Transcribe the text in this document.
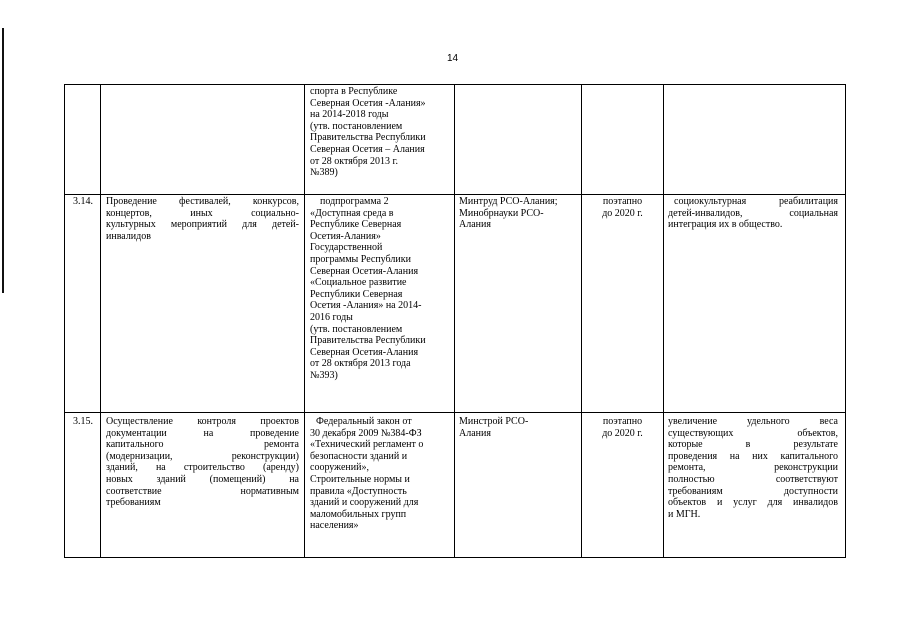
14
спорта в Республике
Северная Осетия -Алания»
на 2014-2018 годы
(утв. постановлением
Правительства Республики
Северная Осетия – Алания
от 28 октября 2013 г.
№389)
3.14. Проведение фестивалей, конкурсов,
концертов, иных социально-
культурных мероприятий для детей-
инвалидов
подпрограмма 2
«Доступная среда в
Республике Северная
Осетия-Алания»
Государственной
программы Республики
Северная Осетия-Алания
«Социальное развитие
Республики Северная
Осетия -Алания» на 2014-
2016 годы
(утв. постановлением
Правительства Республики
Северная Осетия-Алания
от 28 октября 2013 года
№393)
Минтруд РСО-Алания;
Минобрнауки РСО-
Алания
поэтапно
до 2020 г.
социокультурная реабилитация
детей-инвалидов, социальная
интеграция их в общество.
3.15. Осуществление контроля проектов
документации на проведение
капитального ремонта
(модернизации, реконструкции)
зданий, на строительство (аренду)
новых зданий (помещений) на
соответствие нормативным
требованиям
Федеральный закон от
30 декабря 2009 №384-ФЗ
«Технический регламент о
безопасности зданий и
сооружений»,
Строительные нормы и
правила «Доступность
зданий и сооружений для
маломобильных групп
населения»
Минстрой РСО-
Алания
поэтапно
до 2020 г.
увеличение удельного веса
существующих объектов,
которые в результате
проведения на них капитального
ремонта, реконструкции
полностью соответствуют
требованиям доступности
объектов и услуг для инвалидов
и МГН.
